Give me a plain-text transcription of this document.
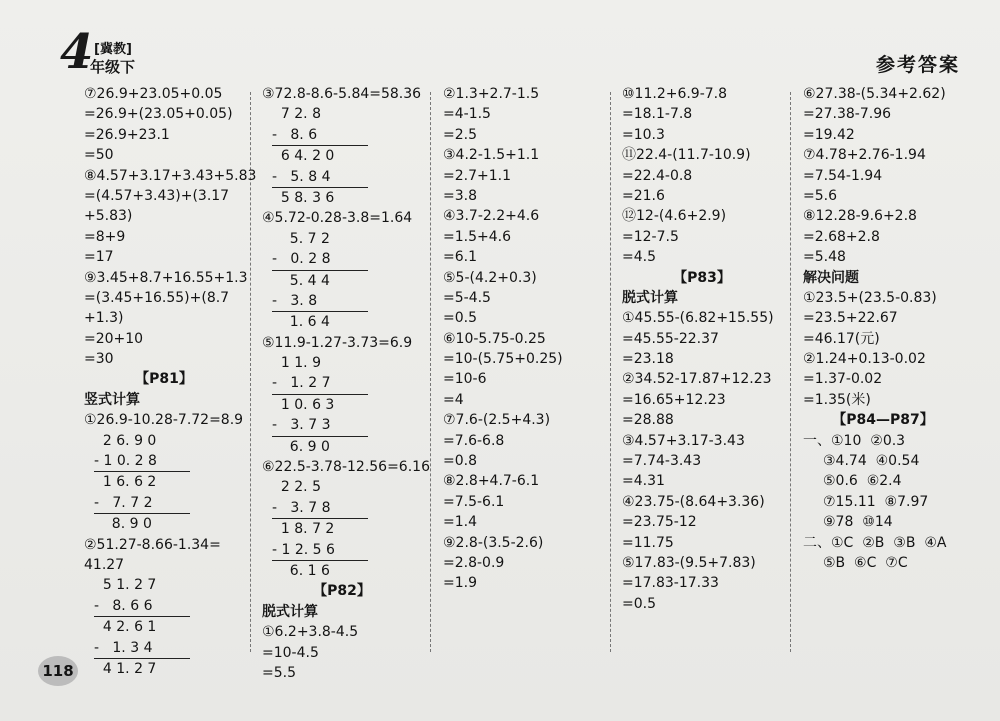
4 [冀教]
年级下	参考答案
⑦26.9+23.05+0.05
=26.9+(23.05+0.05)
=26.9+23.1
=50
⑧4.57+3.17+3.43+5.83
=(4.57+3.43)+(3.17
+5.83)
=8+9
=17
⑨3.45+8.7+16.55+1.3
=(3.45+16.55)+(8.7
+1.3)
=20+10
=30
【P81】
竖式计算
①26.9-10.28-7.72=8.9
2 6. 9 0
- 1 0. 2 8
1 6. 6 2
-   7. 7 2
8. 9 0
②51.27-8.66-1.34=
41.27
5 1. 2 7
-   8. 6 6
4 2. 6 1
-   1. 3 4
4 1. 2 7
③72.8-8.6-5.84=58.36
7 2. 8
-   8. 6
6 4. 2 0
-   5. 8 4
5 8. 3 6
④5.72-0.28-3.8=1.64
5. 7 2
-   0. 2 8
5. 4 4
-   3. 8
1. 6 4
⑤11.9-1.27-3.73=6.9
1 1. 9
-   1. 2 7
1 0. 6 3
-   3. 7 3
6. 9 0
⑥22.5-3.78-12.56=6.16
2 2. 5
-   3. 7 8
1 8. 7 2
- 1 2. 5 6
6. 1 6
【P82】
脱式计算
①6.2+3.8-4.5
=10-4.5
=5.5
②1.3+2.7-1.5
=4-1.5
=2.5
③4.2-1.5+1.1
=2.7+1.1
=3.8
④3.7-2.2+4.6
=1.5+4.6
=6.1
⑤5-(4.2+0.3)
=5-4.5
=0.5
⑥10-5.75-0.25
=10-(5.75+0.25)
=10-6
=4
⑦7.6-(2.5+4.3)
=7.6-6.8
=0.8
⑧2.8+4.7-6.1
=7.5-6.1
=1.4
⑨2.8-(3.5-2.6)
=2.8-0.9
=1.9
⑩11.2+6.9-7.8
=18.1-7.8
=10.3
⑪22.4-(11.7-10.9)
=22.4-0.8
=21.6
⑫12-(4.6+2.9)
=12-7.5
=4.5
【P83】
脱式计算
①45.55-(6.82+15.55)
=45.55-22.37
=23.18
②34.52-17.87+12.23
=16.65+12.23
=28.88
③4.57+3.17-3.43
=7.74-3.43
=4.31
④23.75-(8.64+3.36)
=23.75-12
=11.75
⑤17.83-(9.5+7.83)
=17.83-17.33
=0.5
⑥27.38-(5.34+2.62)
=27.38-7.96
=19.42
⑦4.78+2.76-1.94
=7.54-1.94
=5.6
⑧12.28-9.6+2.8
=2.68+2.8
=5.48
解决问题
①23.5+(23.5-0.83)
=23.5+22.67
=46.17(元)
②1.24+0.13-0.02
=1.37-0.02
=1.35(米)
【P84—P87】
一、①10  ②0.3
③4.74  ④0.54
⑤0.6  ⑥2.4
⑦15.11  ⑧7.97
⑨78  ⑩14
二、①C  ②B  ③B  ④A
⑤B  ⑥C  ⑦C
118
